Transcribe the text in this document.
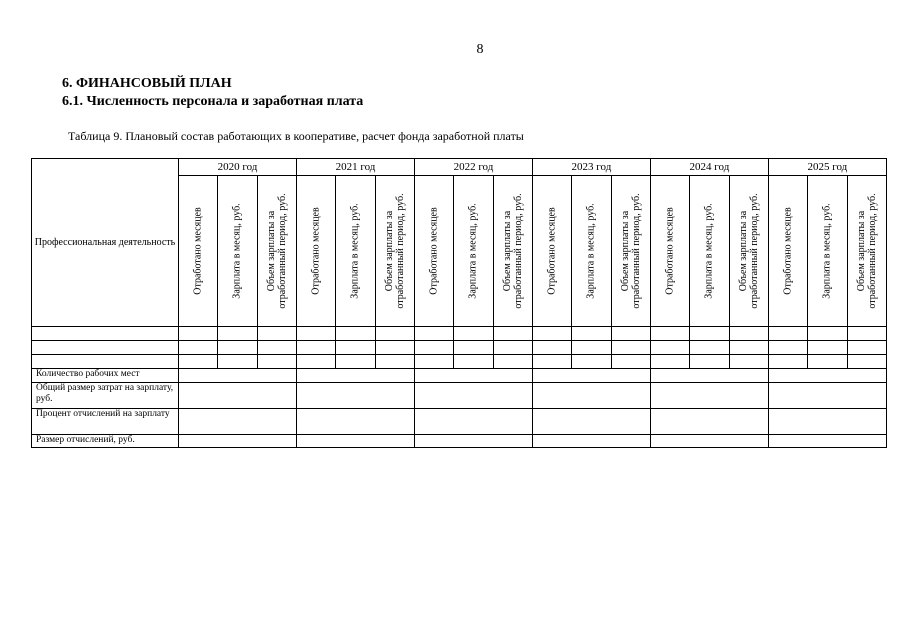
8
6. ФИНАНСОВЫЙ ПЛАН
6.1. Численность персонала и заработная плата
Таблица 9. Плановый состав работающих в кооперативе, расчет фонда заработной платы
Профессиональная деятельность	2020 год			2021 год			2022 год			2023 год			2024 год			2025 год		

	Отработано месяцев	Зарплата в месяц, руб.	Объем зарплаты за отработанный период, руб.	Отработано месяцев	Зарплата в месяц, руб.	Объем зарплаты за отработанный период, руб.	Отработано месяцев	Зарплата в месяц, руб.	Объем зарплаты за отработанный период, руб.	Отработано месяцев	Зарплата в месяц, руб.	Объем зарплаты за отработанный период, руб.	Отработано месяцев	Зарплата в месяц, руб.	Объем зарплаты за отработанный период, руб.	Отработано месяцев	Зарплата в месяц, руб.	Объем зарплаты за отработанный период, руб.

Количество рабочих мест																		
Общий размер затрат на зарплату, руб.																		
Процент отчислений на зарплату																		
Размер отчислений, руб.																		
